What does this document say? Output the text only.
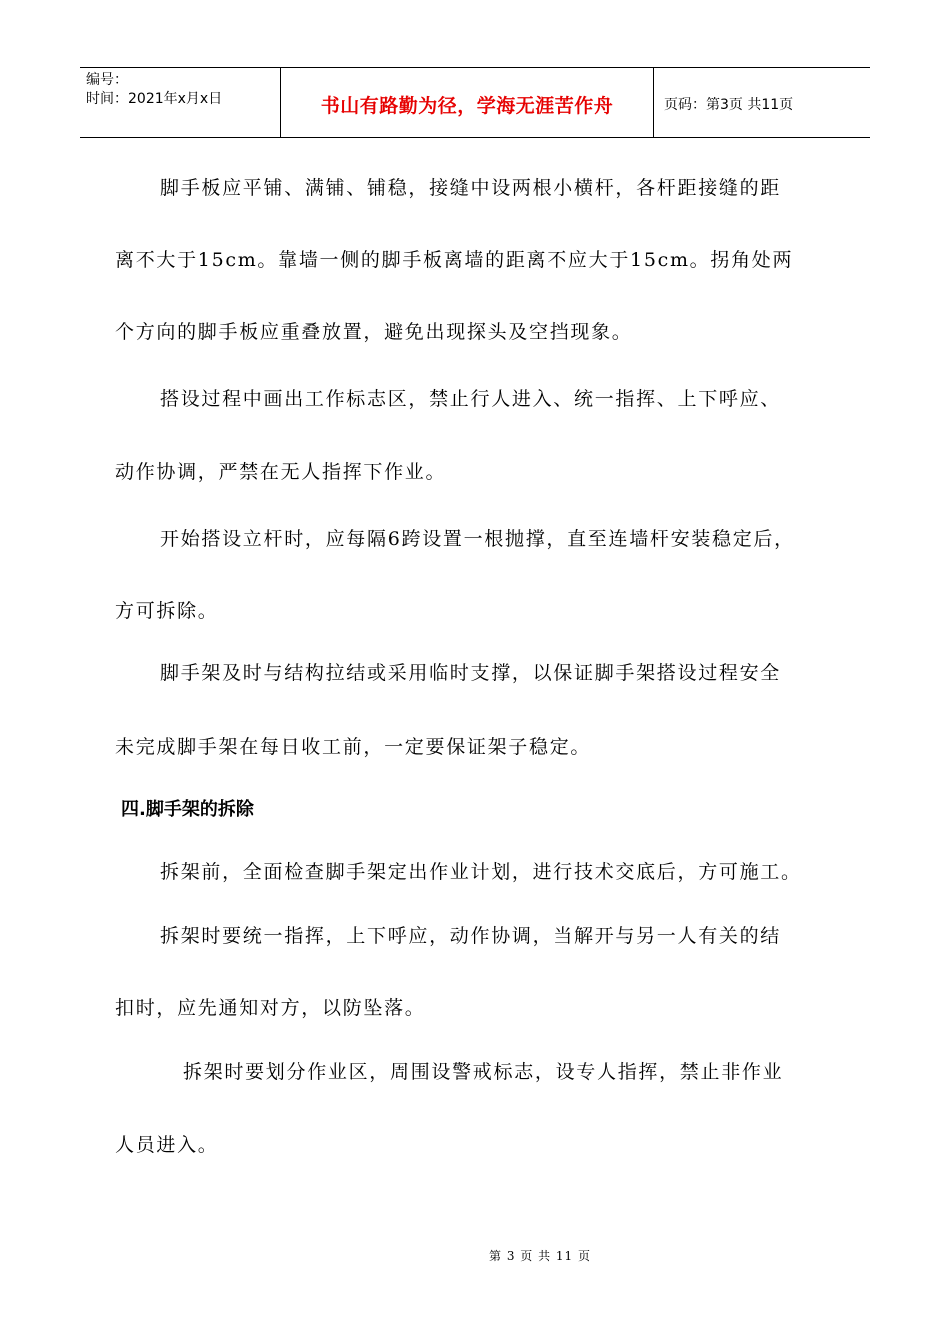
编号：
时间：2021年x月x日	书山有路勤为径，学海无涯苦作舟	页码：第3页 共11页
脚手板应平铺、满铺、铺稳，接缝中设两根小横杆，各杆距接缝的距
离不大于15cm。靠墙一侧的脚手板离墙的距离不应大于15cm。拐角处两
个方向的脚手板应重叠放置，避免出现探头及空挡现象。
搭设过程中画出工作标志区，禁止行人进入、统一指挥、上下呼应、
动作协调，严禁在无人指挥下作业。
开始搭设立杆时，应每隔6跨设置一根抛撑，直至连墙杆安装稳定后，
方可拆除。
脚手架及时与结构拉结或采用临时支撑，以保证脚手架搭设过程安全
未完成脚手架在每日收工前，一定要保证架子稳定。
四.脚手架的拆除
拆架前，全面检查脚手架定出作业计划，进行技术交底后，方可施工。
拆架时要统一指挥，上下呼应，动作协调，当解开与另一人有关的结
扣时，应先通知对方，以防坠落。
拆架时要划分作业区，周围设警戒标志，设专人指挥，禁止非作业
人员进入。
第 3 页 共 11 页
